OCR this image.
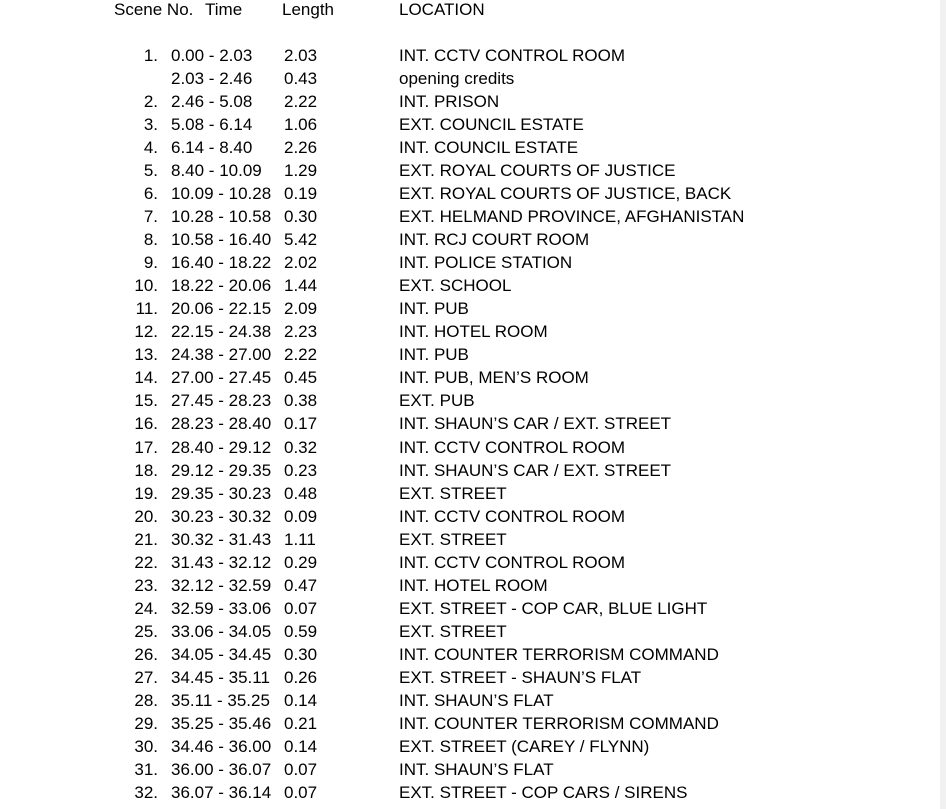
Scene No. Time Length	LOCATION
1. 0.00 - 2.03 2.03	INT. CCTV CONTROL ROOM
2.03 - 2.46 0.43	opening credits
2. 2.46 - 5.08 2.22	INT. PRISON
3. 5.08 - 6.14 1.06	EXT. COUNCIL ESTATE
4. 6.14 - 8.40 2.26	INT. COUNCIL ESTATE
5. 8.40 - 10.09 1.29	EXT. ROYAL COURTS OF JUSTICE
6. 10.09 - 10.28 0.19	EXT. ROYAL COURTS OF JUSTICE, BACK
7. 10.28 - 10.58 0.30	EXT. HELMAND PROVINCE, AFGHANISTAN
8. 10.58 - 16.40 5.42	INT. RCJ COURT ROOM
9. 16.40 - 18.22 2.02	INT. POLICE STATION
10. 18.22 - 20.06 1.44	EXT. SCHOOL
11. 20.06 - 22.15 2.09	INT. PUB
12. 22.15 - 24.38 2.23	INT. HOTEL ROOM
13. 24.38 - 27.00 2.22	INT. PUB
14. 27.00 - 27.45 0.45	INT. PUB, MEN’S ROOM
15. 27.45 - 28.23 0.38	EXT. PUB
16. 28.23 - 28.40 0.17	INT. SHAUN’S CAR / EXT. STREET
17. 28.40 - 29.12 0.32	INT. CCTV CONTROL ROOM
18. 29.12 - 29.35 0.23	INT. SHAUN’S CAR / EXT. STREET
19. 29.35 - 30.23 0.48	EXT. STREET
20. 30.23 - 30.32 0.09	INT. CCTV CONTROL ROOM
21. 30.32 - 31.43 1.11	EXT. STREET
22. 31.43 - 32.12 0.29	INT. CCTV CONTROL ROOM
23. 32.12 - 32.59 0.47	INT. HOTEL ROOM
24. 32.59 - 33.06 0.07	EXT. STREET - COP CAR, BLUE LIGHT
25. 33.06 - 34.05 0.59	EXT. STREET
26. 34.05 - 34.45 0.30	INT. COUNTER TERRORISM COMMAND
27. 34.45 - 35.11 0.26	EXT. STREET - SHAUN’S FLAT
28. 35.11 - 35.25 0.14	INT. SHAUN’S FLAT
29. 35.25 - 35.46 0.21	INT. COUNTER TERRORISM COMMAND
30. 34.46 - 36.00 0.14	EXT. STREET (CAREY / FLYNN)
31. 36.00 - 36.07 0.07	INT. SHAUN’S FLAT
32. 36.07 - 36.14 0.07	EXT. STREET - COP CARS / SIRENS
